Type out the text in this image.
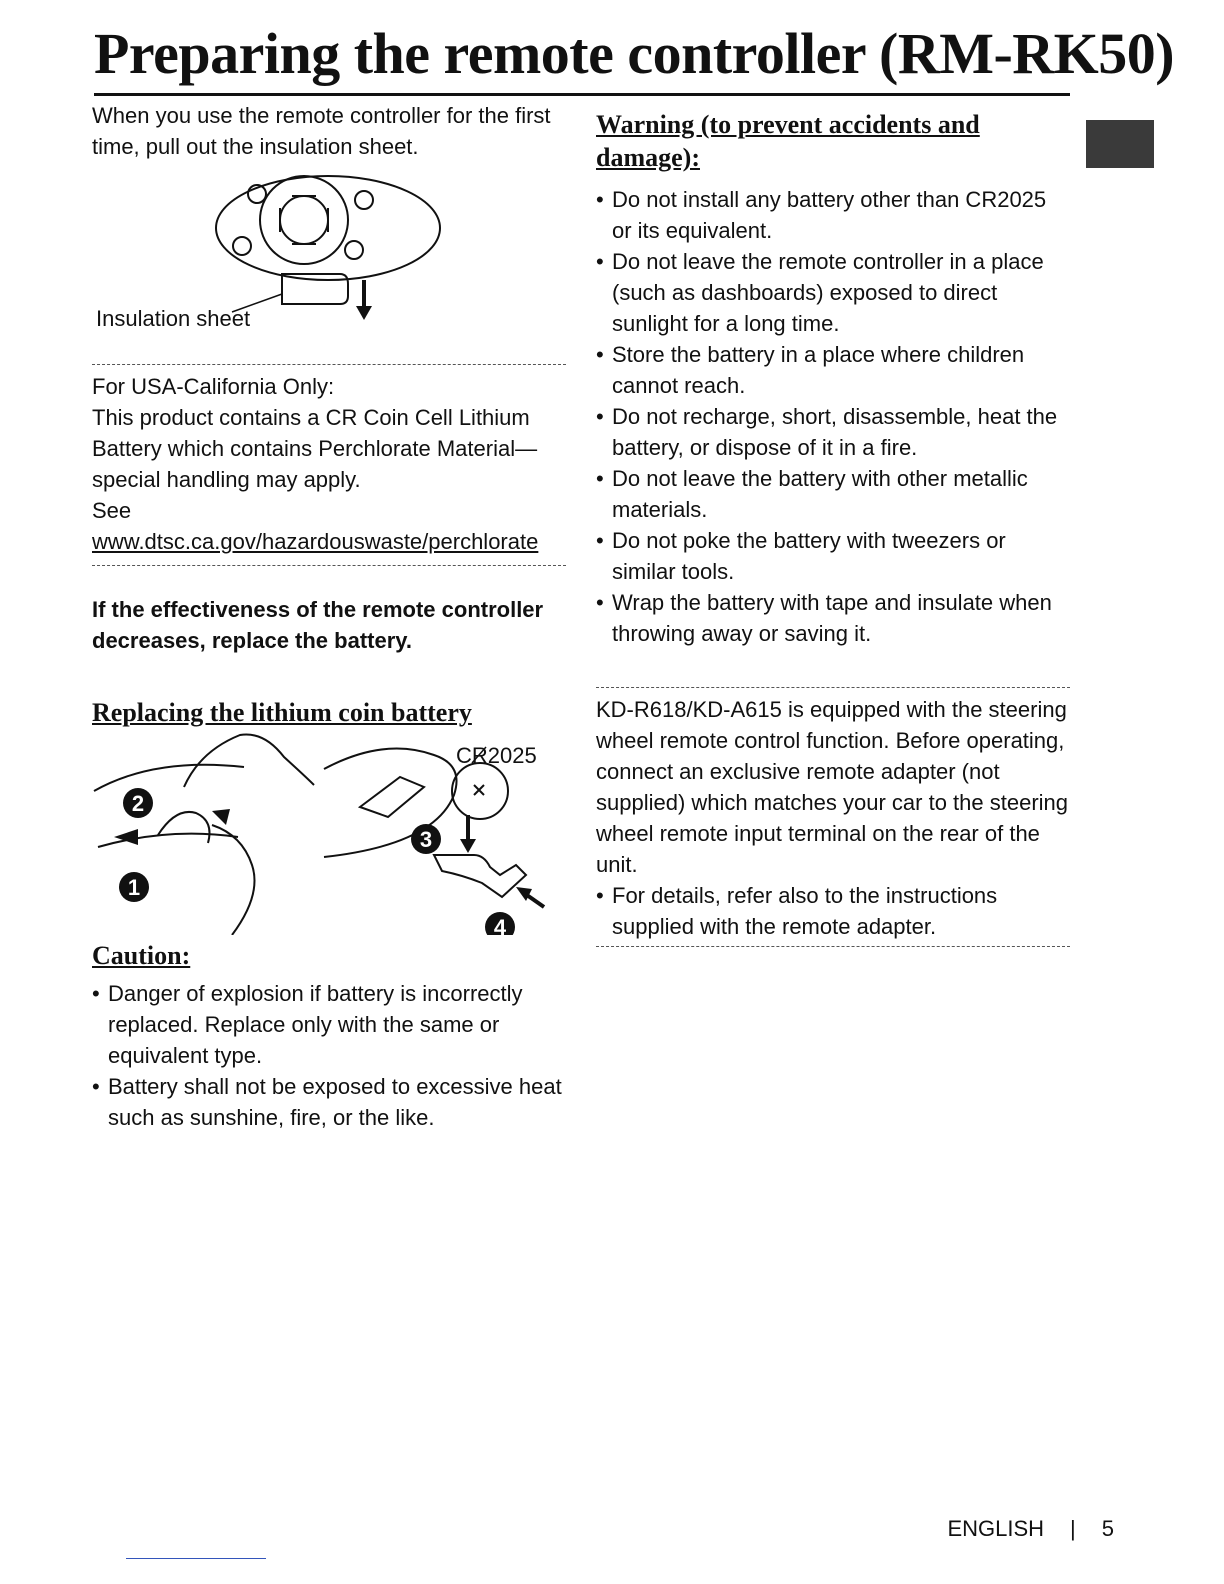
Preparing the remote controller (RM-RK50)

When you use the remote controller for the first time, pull out the insulation sheet.

Insulation sheet

For USA-California Only:

This product contains a CR Coin Cell Lithium Battery which contains Perchlorate Material—special handling may apply.

See www.dtsc.ca.gov/hazardouswaste/perchlorate

If the effectiveness of the remote controller decreases, replace the battery.

Replacing the lithium coin battery
CR2025
1
2
3
4
Caution:
• Danger of explosion if battery is incorrectly replaced. Replace only with the same or equivalent type.
• Battery shall not be exposed to excessive heat such as sunshine, fire, or the like.
Warning (to prevent accidents and damage):
• Do not install any battery other than CR2025 or its equivalent.
• Do not leave the remote controller in a place (such as dashboards) exposed to direct sunlight for a long time.
• Store the battery in a place where children cannot reach.
• Do not recharge, short, disassemble, heat the battery, or dispose of it in a fire.
• Do not leave the battery with other metallic materials.
• Do not poke the battery with tweezers or similar tools.
• Wrap the battery with tape and insulate when throwing away or saving it.

KD-R618/KD-A615 is equipped with the steering wheel remote control function. Before operating, connect an exclusive remote adapter (not supplied) which matches your car to the steering wheel remote input terminal on the rear of the unit.

• For details, refer also to the instructions supplied with the remote adapter.
ENGLISH | 5
